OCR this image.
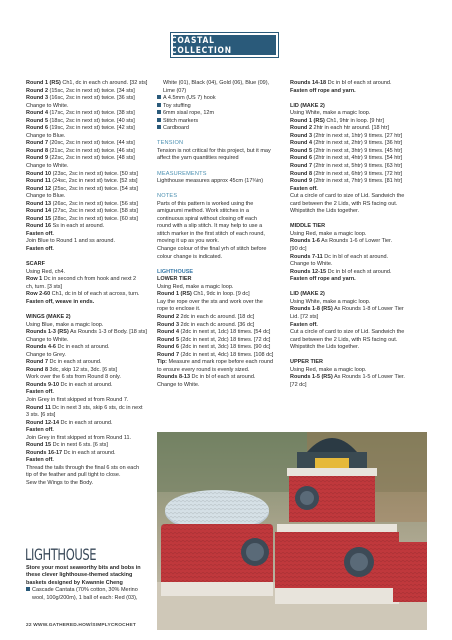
COASTAL COLLECTION
Round 1 (RS) Ch1, dc in each ch around. [32 sts]
Round 2 (15sc, 2sc in next st) twice. [34 sts]
Round 3 (16sc, 2sc in next st) twice. [36 sts]
Change to White.
Round 4 (17sc, 2sc in next st) twice. [38 sts]
Round 5 (18sc, 2sc in next st) twice. [40 sts]
Round 6 (19sc, 2sc in next st) twice. [42 sts]
Change to Blue.
Round 7 (20sc, 2sc in next st) twice. [44 sts]
Round 8 (21sc, 2sc in next st) twice. [46 sts]
Round 9 (22sc, 2sc in next st) twice. [48 sts]
Change to White.
Round 10 (23sc, 2sc in next st) twice. [50 sts]
Round 11 (24sc, 2sc in next st) twice. [52 sts]
Round 12 (25sc, 2sc in next st) twice. [54 sts]
Change to Blue.
Round 13 (26sc, 2sc in next st) twice. [56 sts]
Round 14 (27sc, 2sc in next st) twice. [58 sts]
Round 15 (28sc, 2sc in next st) twice. [60 sts]
Round 16 Ss in each st around.
Fasten off.
Join Blue to Round 1 and ss around.
Fasten off.
SCARF
Using Red, ch4.
Row 1 Dc in second ch from hook and next 2
ch, turn. [3 sts]
Row 2-60 Ch1, dc in bl of each st across, turn.
Fasten off, weave in ends.
WINGS (MAKE 2)
Using Blue, make a magic loop.
Rounds 1-3 (RS) As Rounds 1-3 of Body. [18 sts]
Change to White.
Rounds 4-6 Dc in each st around.
Change to Grey.
Round 7 Dc in each st around.
Round 8 3dc, skip 12 sts, 3dc. [6 sts]
Work over the 6 sts from Round 8 only.
Rounds 9-10 Dc in each st around.
Fasten off.
Join Grey in first skipped st from Round 7.
Round 11 Dc in next 3 sts, skip 6 sts, dc in next
3 sts. [6 sts]
Round 12-14 Dc in each st around.
Fasten off.
Join Grey in first skipped st from Round 11.
Round 15 Dc in next 6 sts. [6 sts]
Rounds 16-17 Dc in each st around.
Fasten off.
Thread the tails through the final 6 sts on each
tip of the feather and pull tight to close.
Sew the Wings to the Body.
White (01), Black (04), Gold (06), Blue (09),
Lime (07)
A 4.5mm (US 7) hook
Toy stuffing
6mm sisal rope, 12m
Stitch markers
Cardboard
TENSION
Tension is not critical for this project, but it may
affect the yarn quantities required
MEASUREMENTS
Lighthouse measures approx 45cm (17¾in)
NOTES
Parts of this pattern is worked using the
amigurumi method. Work stitches in a
continuous spiral without closing off each
round with a slip stitch. It may help to use a
stitch marker in the first stitch of each round,
moving it up as you work.
Change colour of the final yrh of stitch before
colour change is indicated.
LIGHTHOUSE
LOWER TIER
Using Red, make a magic loop.
Round 1 (RS) Ch1, 9dc in loop. [9 dc]
Lay the rope over the sts and work over the
rope to enclose it.
Round 2 2dc in each dc around. [18 dc]
Round 3 2dc in each dc around. [36 dc]
Round 4 (2dc in next st, 1dc) 18 times. [54 dc]
Round 5 (2dc in next st, 2dc) 18 times. [72 dc]
Round 6 (2dc in next st, 3dc) 18 times. [90 dc]
Round 7 (2dc in next st, 4dc) 18 times. [108 dc]
Tip: Measure and mark rope before each round
to ensure every round is evenly sized.
Rounds 8-13 Dc in bl of each st around.
Change to White.
Rounds 14-18 Dc in bl of each st around.
Fasten off rope and yarn.
LID (MAKE 2)
Using White, make a magic loop.
Round 1 (RS) Ch1, 9htr in loop. [9 htr]
Round 2 2htr in each htr around. [18 htr]
Round 3 (2htr in next st, 1htr) 9 times. [27 htr]
Round 4 (2htr in next st, 2htr) 9 times. [36 htr]
Round 5 (2htr in next st, 3htr) 9 times. [45 htr]
Round 6 (2htr in next st, 4htr) 9 times. [54 htr]
Round 7 (2htr in next st, 5htr) 9 times. [63 htr]
Round 8 (2htr in next st, 6htr) 9 times. [72 htr]
Round 9 (2htr in next st, 7htr) 9 times. [81 htr]
Fasten off.
Cut a circle of card to size of Lid. Sandwich the
card between the 2 Lids, with RS facing out.
Whipstitch the Lids together.
MIDDLE TIER
Using Red, make a magic loop.
Rounds 1-6 As Rounds 1-6 of Lower Tier.
[90 dc]
Rounds 7-11 Dc in bl of each st around.
Change to White.
Rounds 12-15 Dc in bl of each st around.
Fasten off rope and yarn.
LID (MAKE 2)
Using White, make a magic loop.
Rounds 1-8 (RS) As Rounds 1-8 of Lower Tier
Lid. [72 sts]
Fasten off.
Cut a circle of card to size of Lid. Sandwich the
card between the 2 Lids, with RS facing out.
Whipstitch the Lids together.
UPPER TIER
Using Red, make a magic loop.
Rounds 1-5 (RS) As Rounds 1-5 of Lower Tier.
[72 dc]
LIGHTHOUSE
Store your most seaworthy bits and bobs in
these clever lighthouse-themed stacking
baskets designed by Kwannie Cheng
Cascade Cantata (70% cotton, 30% Merino
wool, 100g/200m), 1 ball of each: Red (03),
22 WWW.GATHERED.HOW/SIMPLYCROCHET
